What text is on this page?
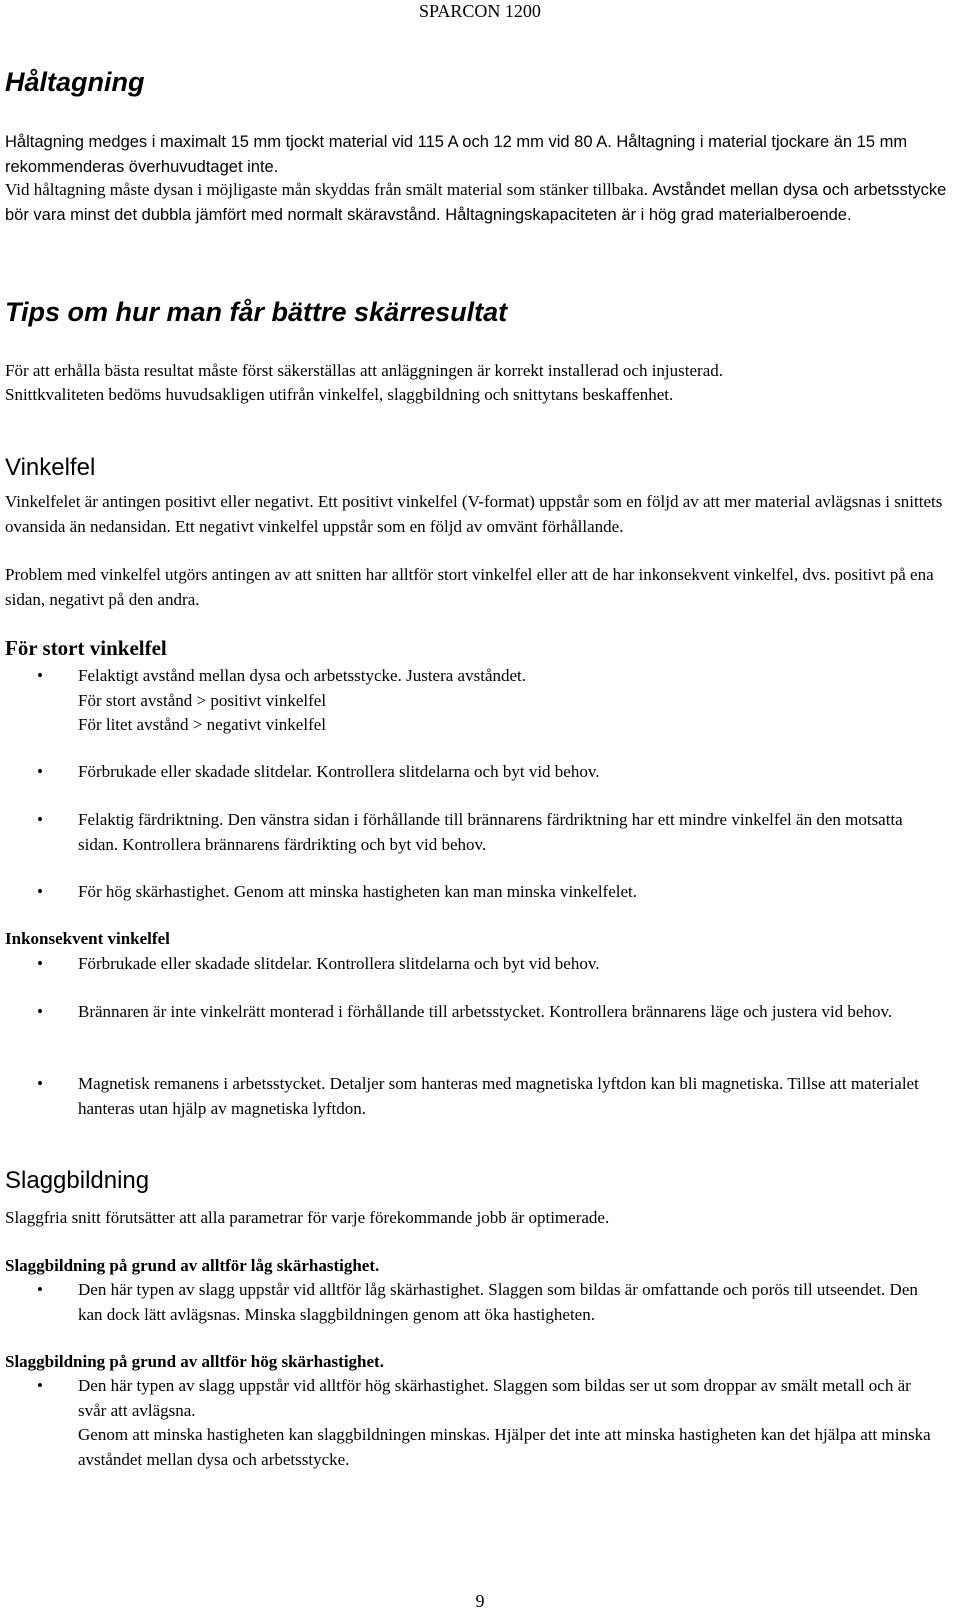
SPARCON 1200
Håltagning

Håltagning medges i maximalt 15 mm tjockt material vid 115 A och 12 mm vid 80 A. Håltagning i material tjockare än 15 mm rekommenderas överhuvudtaget inte.

Vid håltagning måste dysan i möjligaste mån skyddas från smält material som stänker tillbaka. Avståndet mellan dysa och arbetsstycke bör vara minst det dubbla jämfört med normalt skäravstånd. Håltagningskapaciteten är i hög grad materialberoende.

Tips om hur man får bättre skärresultat

För att erhålla bästa resultat måste först säkerställas att anläggningen är korrekt installerad och injusterad.

Snittkvaliteten bedöms huvudsakligen utifrån vinkelfel, slaggbildning och snittytans beskaffenhet.

Vinkelfel

Vinkelfelet är antingen positivt eller negativt. Ett positivt vinkelfel (V-format) uppstår som en följd av att mer material avlägsnas i snittets ovansida än nedansidan. Ett negativt vinkelfel uppstår som en följd av omvänt förhållande.

Problem med vinkelfel utgörs antingen av att snitten har alltför stort vinkelfel eller att de har inkonsekvent vinkelfel, dvs. positivt på ena sidan, negativt på den andra.

För stort vinkelfel
• Felaktigt avstånd mellan dysa och arbetsstycke. Justera avståndet.
För stort avstånd > positivt vinkelfel
För litet avstånd > negativt vinkelfel
• Förbrukade eller skadade slitdelar. Kontrollera slitdelarna och byt vid behov.
• Felaktig färdriktning. Den vänstra sidan i förhållande till brännarens färdriktning har ett mindre vinkelfel än den motsatta sidan. Kontrollera brännarens färdrikting och byt vid behov.
• För hög skärhastighet. Genom att minska hastigheten kan man minska vinkelfelet.
Inkonsekvent vinkelfel
• Förbrukade eller skadade slitdelar. Kontrollera slitdelarna och byt vid behov.
• Brännaren är inte vinkelrätt monterad i förhållande till arbetsstycket. Kontrollera brännarens läge och justera vid behov.
• Magnetisk remanens i arbetsstycket. Detaljer som hanteras med magnetiska lyftdon kan bli magnetiska. Tillse att materialet hanteras utan hjälp av magnetiska lyftdon.
Slaggbildning

Slaggfria snitt förutsätter att alla parametrar för varje förekommande jobb är optimerade.

Slaggbildning på grund av alltför låg skärhastighet.
• Den här typen av slagg uppstår vid alltför låg skärhastighet. Slaggen som bildas är omfattande och porös till utseendet. Den kan dock lätt avlägsnas. Minska slaggbildningen genom att öka hastigheten.
Slaggbildning på grund av alltför hög skärhastighet.
• Den här typen av slagg uppstår vid alltför hög skärhastighet. Slaggen som bildas ser ut som droppar av smält metall och är svår att avlägsna.
Genom att minska hastigheten kan slaggbildningen minskas. Hjälper det inte att minska hastigheten kan det hjälpa att minska avståndet mellan dysa och arbetsstycke.
9
